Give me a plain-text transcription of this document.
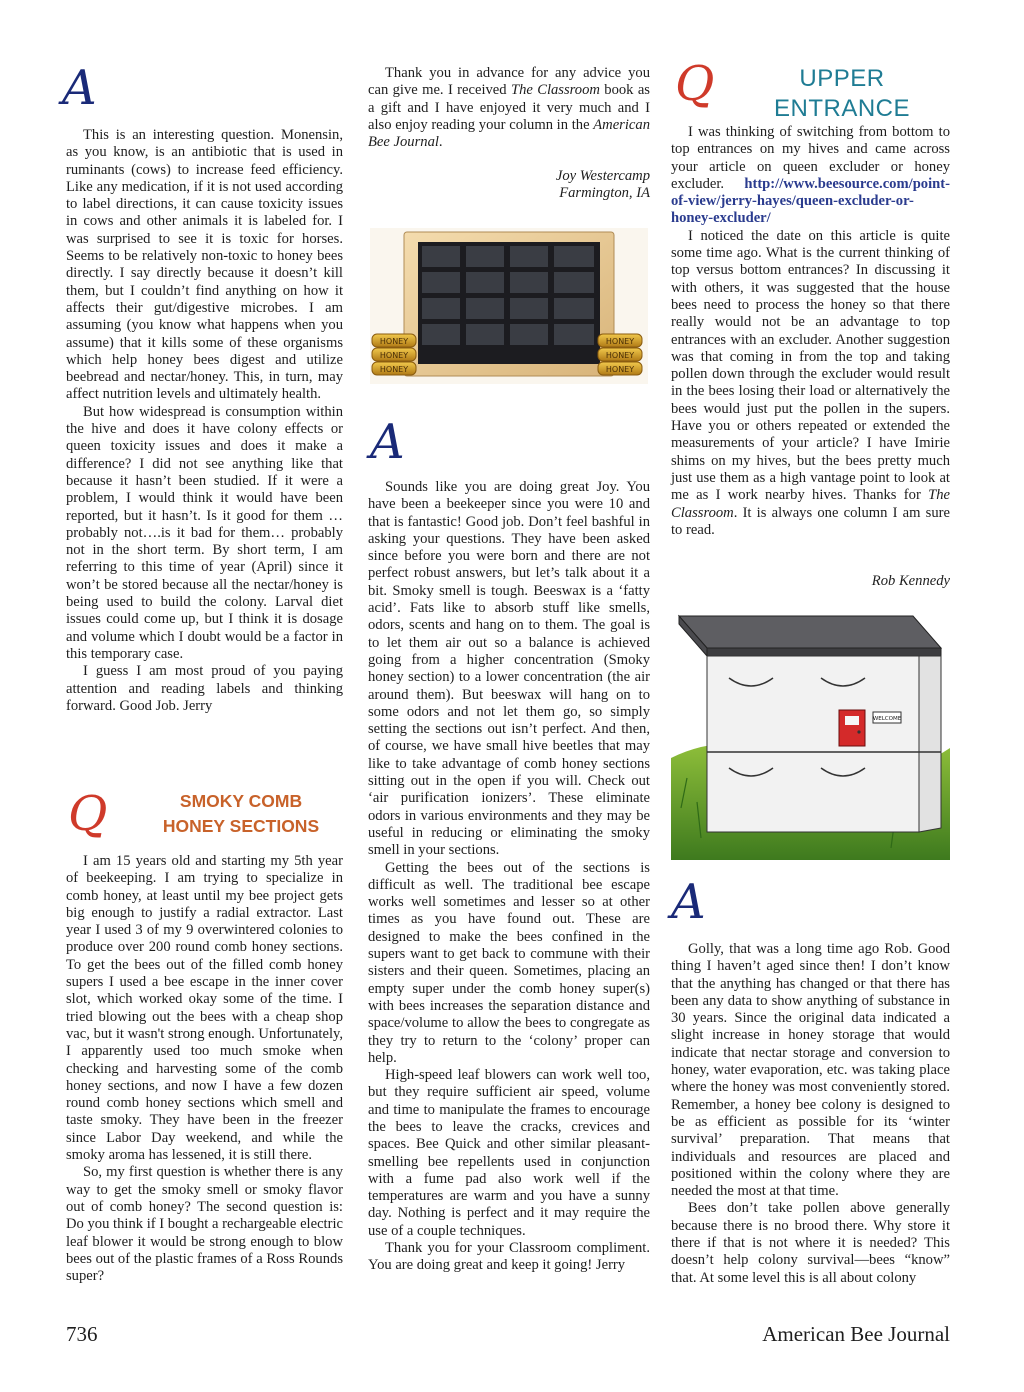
A

This is an interesting question. Monensin, as you know, is an antibiotic that is used in ruminants (cows) to increase feed efficiency. Like any medication, if it is not used according to label directions, it can cause toxicity issues in cows and other animals it is labeled for. I was surprised to see it is toxic for horses. Seems to be relatively non-toxic to honey bees directly. I say directly because it doesn’t kill them, but I couldn’t find anything on how it affects their gut/digestive microbes. I am assuming (you know what happens when you assume) that it kills some of these organisms which help honey bees digest and utilize beebread and nectar/honey. This, in turn, may affect nutrition levels and ultimately health.

But how widespread is consumption within the hive and does it have colony effects or queen toxicity issues and does it make a difference? I did not see anything like that because it hasn’t been studied. If it were a problem, I would think it would have been reported, but it hasn’t. Is it good for them … probably not….is it bad for them… probably not in the short term. By short term, I am referring to this time of year (April) since it won’t be stored because all the nectar/honey is being used to build the colony. Larval diet issues could come up, but I think it is dosage and volume which I doubt would be a factor in this temporary case.

I guess I am most proud of you paying attention and reading labels and thinking forward. Good Job. Jerry

Q	SMOKY COMB
HONEY SECTIONS

I am 15 years old and starting my 5th year of beekeeping. I am trying to specialize in comb honey, at least until my bee project gets big enough to justify a radial extractor. Last year I used 3 of my 9 overwintered colonies to produce over 200 round comb honey sections. To get the bees out of the filled comb honey supers I used a bee escape in the inner cover slot, which worked okay some of the time. I tried blowing out the bees with a cheap shop vac, but it wasn't strong enough. Unfortunately, I apparently used too much smoke when checking and harvesting some of the comb honey sections, and now I have a few dozen round comb honey sections which smell and taste smoky. They have been in the freezer since Labor Day weekend, and while the smoky aroma has lessened, it is still there.

So, my first question is whether there is any way to get the smoky smell or smoky flavor out of comb honey? The second question is: Do you think if I bought a rechargeable electric leaf blower it would be strong enough to blow bees out of the plastic frames of a Ross Rounds super?

Thank you in advance for any advice you can give me. I received The Classroom book as a gift and I have enjoyed it very much and I also enjoy reading your column in the American Bee Journal.

Joy Westercamp

Farmington, IA

HONEY
HONEY
HONEY
HONEY
HONEY
HONEY
A

Sounds like you are doing great Joy. You have been a beekeeper since you were 10 and that is fantastic! Good job. Don’t feel bashful in asking your questions. They have been asked since before you were born and there are not perfect robust answers, but let’s talk about it a bit. Smoky smell is tough. Beeswax is a ‘fatty acid’. Fats like to absorb stuff like smells, odors, scents and hang on to them. The goal is to let them air out so a balance is achieved going from a higher concentration (Smoky honey section) to a lower concentration (the air around them). But beeswax will hang on to some odors and not let them go, so simply setting the sections out isn’t perfect. And then, of course, we have small hive beetles that may like to take advantage of comb honey sections sitting out in the open if you will. Check out ‘air purification ionizers’. These eliminate odors in various environments and they may be useful in reducing or eliminating the smoky smell in your sections.

Getting the bees out of the sections is difficult as well. The traditional bee escape works well sometimes and lesser so at other times as you have found out. These are designed to make the bees confined in the supers want to get back to commune with their sisters and their queen. Sometimes, placing an empty super under the comb honey super(s) with bees increases the separation distance and space/volume to allow the bees to congregate as they try to return to the ‘colony’ proper can help.

High-speed leaf blowers can work well too, but they require sufficient air speed, volume and time to manipulate the frames to encourage the bees to leave the cracks, crevices and spaces. Bee Quick and other similar pleasant-smelling bee repellents used in conjunction with a fume pad also work well if the temperatures are warm and you have a sunny day. Nothing is perfect and it may require the use of a couple techniques.

Thank you for your Classroom compliment. You are doing great and keep it going! Jerry

Q	UPPER ENTRANCE

I was thinking of switching from bottom to top entrances on my hives and came across your article on queen excluder or honey excluder. http://www.beesource.com/point-of-view/jerry-hayes/queen-excluder-or-honey-excluder/

I noticed the date on this article is quite some time ago. What is the current thinking of top versus bottom entrances? In discussing it with others, it was suggested that the house bees need to process the honey so that there really would not be an advantage to top entrances with an excluder. Another suggestion was that coming in from the top and taking pollen down through the excluder would result in the bees losing their load or alternatively the bees would just put the pollen in the supers. Have you or others repeated or extended the measurements of your article? I have Imirie shims on my hives, but the bees pretty much just use them as a high vantage point to look at me as I work nearby hives. Thanks for The Classroom. It is always one column I am sure to read.

Rob Kennedy

WELCOME
A

Golly, that was a long time ago Rob. Good thing I haven’t aged since then! I don’t know that the anything has changed or that there has been any data to show anything of substance in 30 years. Since the original data indicated a slight increase in honey storage that would indicate that nectar storage and conversion to honey, water evaporation, etc. was taking place where the honey was most conveniently stored. Remember, a honey bee colony is designed to be as efficient as possible for its ‘winter survival’ preparation. That means that individuals and resources are placed and positioned within the colony where they are needed the most at that time.

Bees don’t take pollen above generally because there is no brood there. Why store it there if that is not where it is needed? This doesn’t help colony survival—bees “know” that. At some level this is all about colony

736	American Bee Journal
